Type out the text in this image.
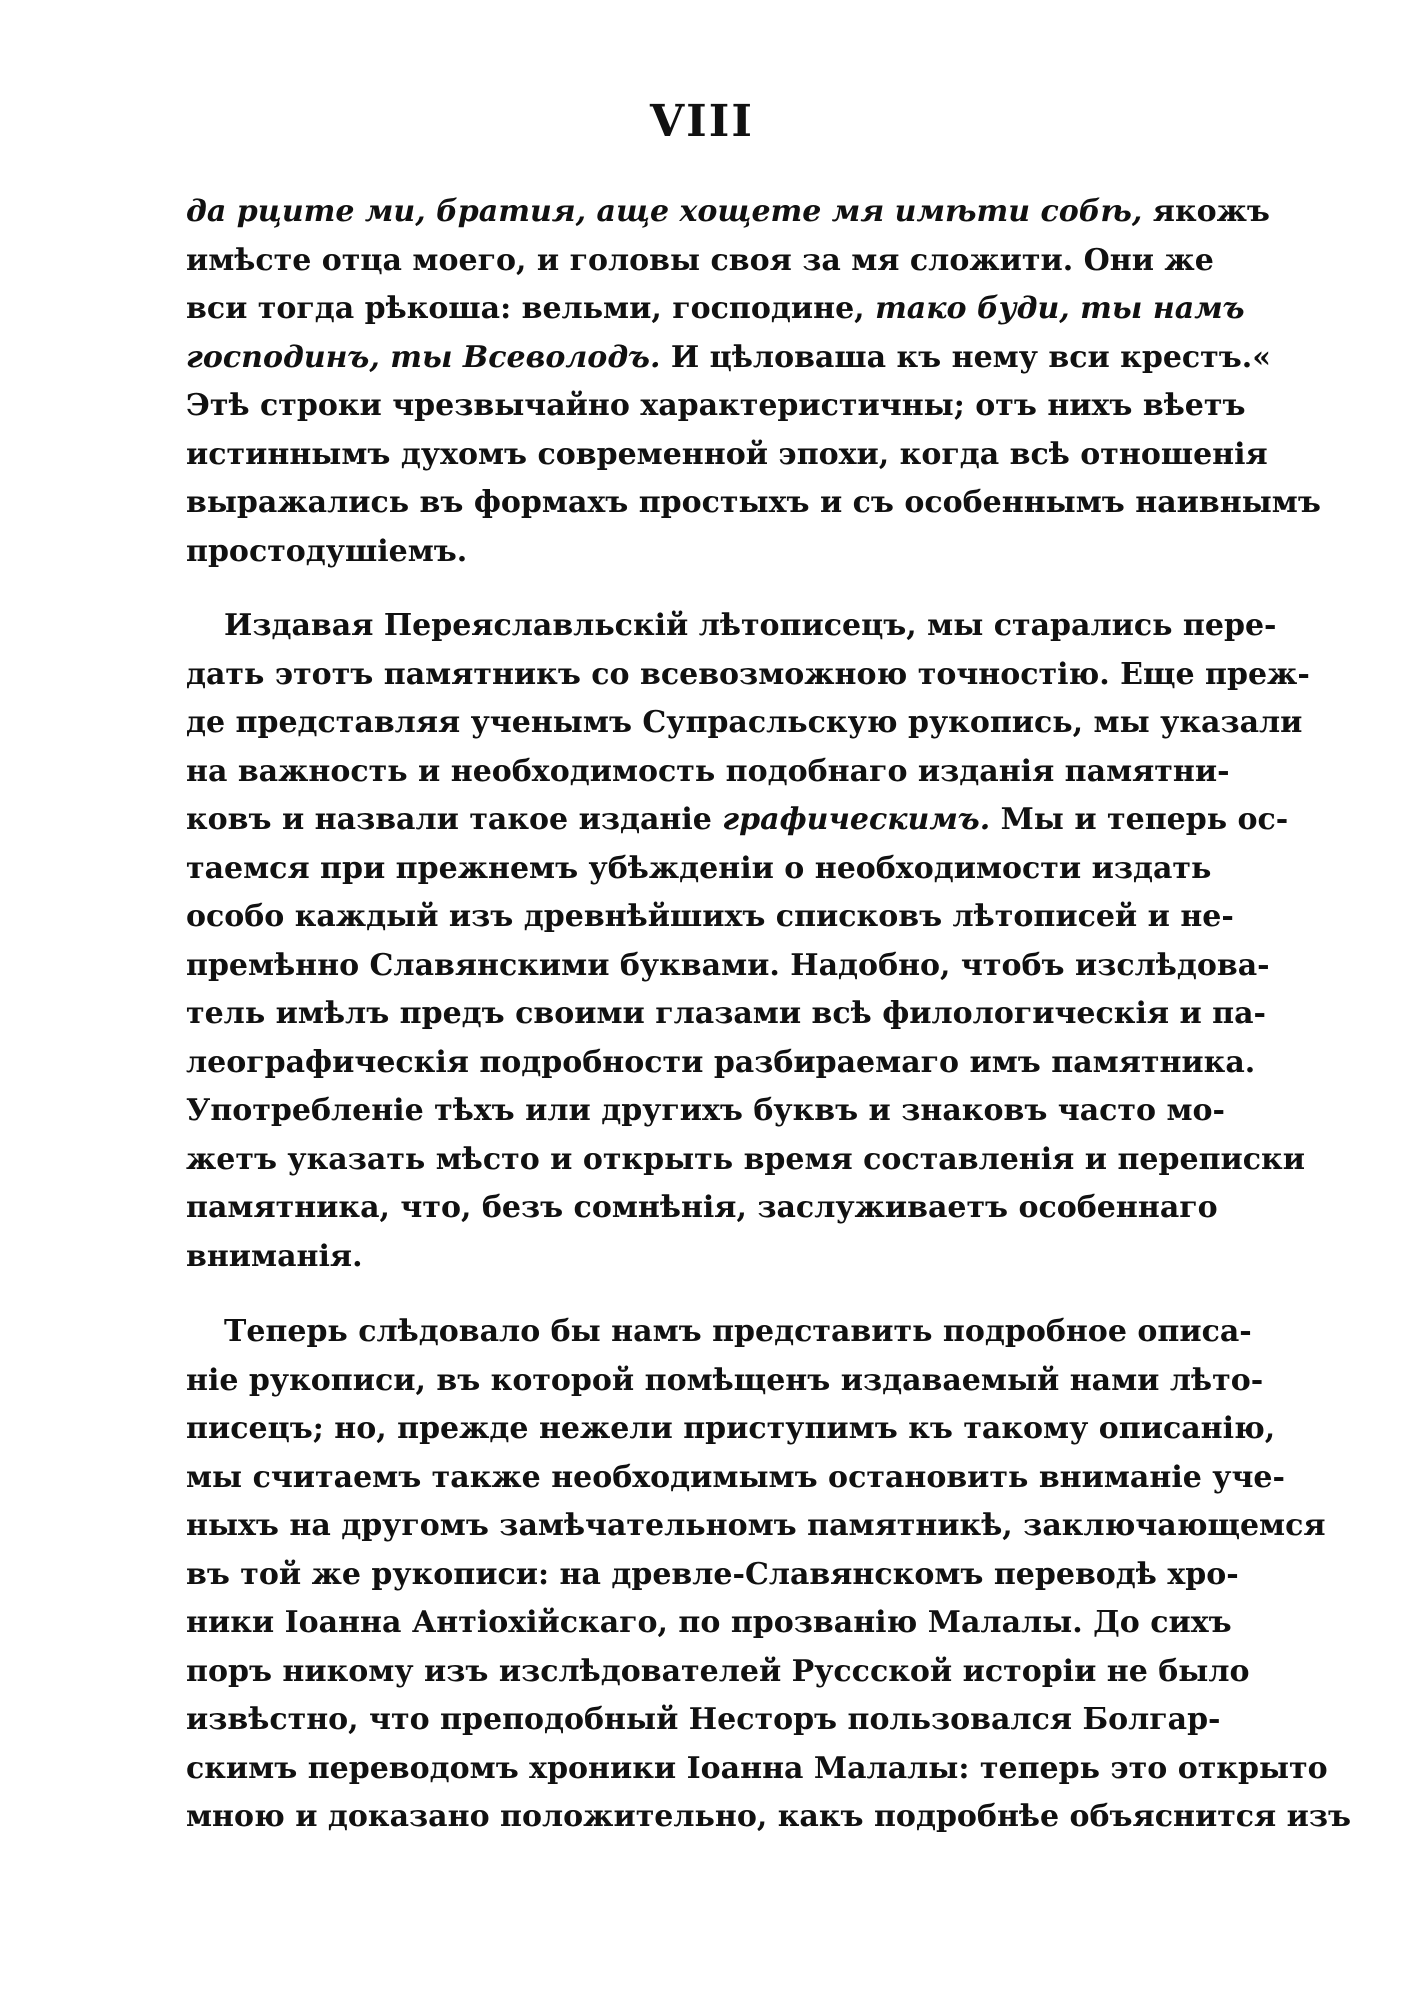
VIII
да рците ми, братия, аще хощете мя имѣти собѣ, якожъ
имѣсте отца моего, и головы своя за мя сложити. Они же
вси тогда рѣкоша: вельми, господине, тако буди, ты намъ
господинъ, ты Всеволодъ. И цѣловаша къ нему вси крестъ.«
Этѣ строки чрезвычайно характеристичны; отъ нихъ вѣетъ
истиннымъ духомъ современной эпохи, когда всѣ отношенія
выражались въ формахъ простыхъ и съ особеннымъ наивнымъ
простодушіемъ.
Издавая Переяславльскій лѣтописецъ, мы старались пере-
дать этотъ памятникъ со всевозможною точностію. Еще преж-
де представляя ученымъ Супрасльскую рукопись, мы указали
на важность и необходимость подобнаго изданія памятни-
ковъ и назвали такое изданіе графическимъ. Мы и теперь ос-
таемся при прежнемъ убѣжденіи о необходимости издать
особо каждый изъ древнѣйшихъ списковъ лѣтописей и не-
премѣнно Славянскими буквами. Надобно, чтобъ изслѣдова-
тель имѣлъ предъ своими глазами всѣ филологическія и па-
леографическія подробности разбираемаго имъ памятника.
Употребленіе тѣхъ или другихъ буквъ и знаковъ часто мо-
жетъ указать мѣсто и открыть время составленія и переписки
памятника, что, безъ сомнѣнія, заслуживаетъ особеннаго
вниманія.
Теперь слѣдовало бы намъ представить подробное описа-
ніе рукописи, въ которой помѣщенъ издаваемый нами лѣто-
писецъ; но, прежде нежели приступимъ къ такому описанію,
мы считаемъ также необходимымъ остановить вниманіе уче-
ныхъ на другомъ замѣчательномъ памятникѣ, заключающемся
въ той же рукописи: на древле-Славянскомъ переводѣ хро-
ники Іоанна Антіохійскаго, по прозванію Малалы. До сихъ
поръ никому изъ изслѣдователей Руссской исторіи не было
извѣстно, что преподобный Несторъ пользовался Болгар-
скимъ переводомъ хроники Іоанна Малалы: теперь это открыто
мною и доказано положительно, какъ подробнѣе объяснится изъ
